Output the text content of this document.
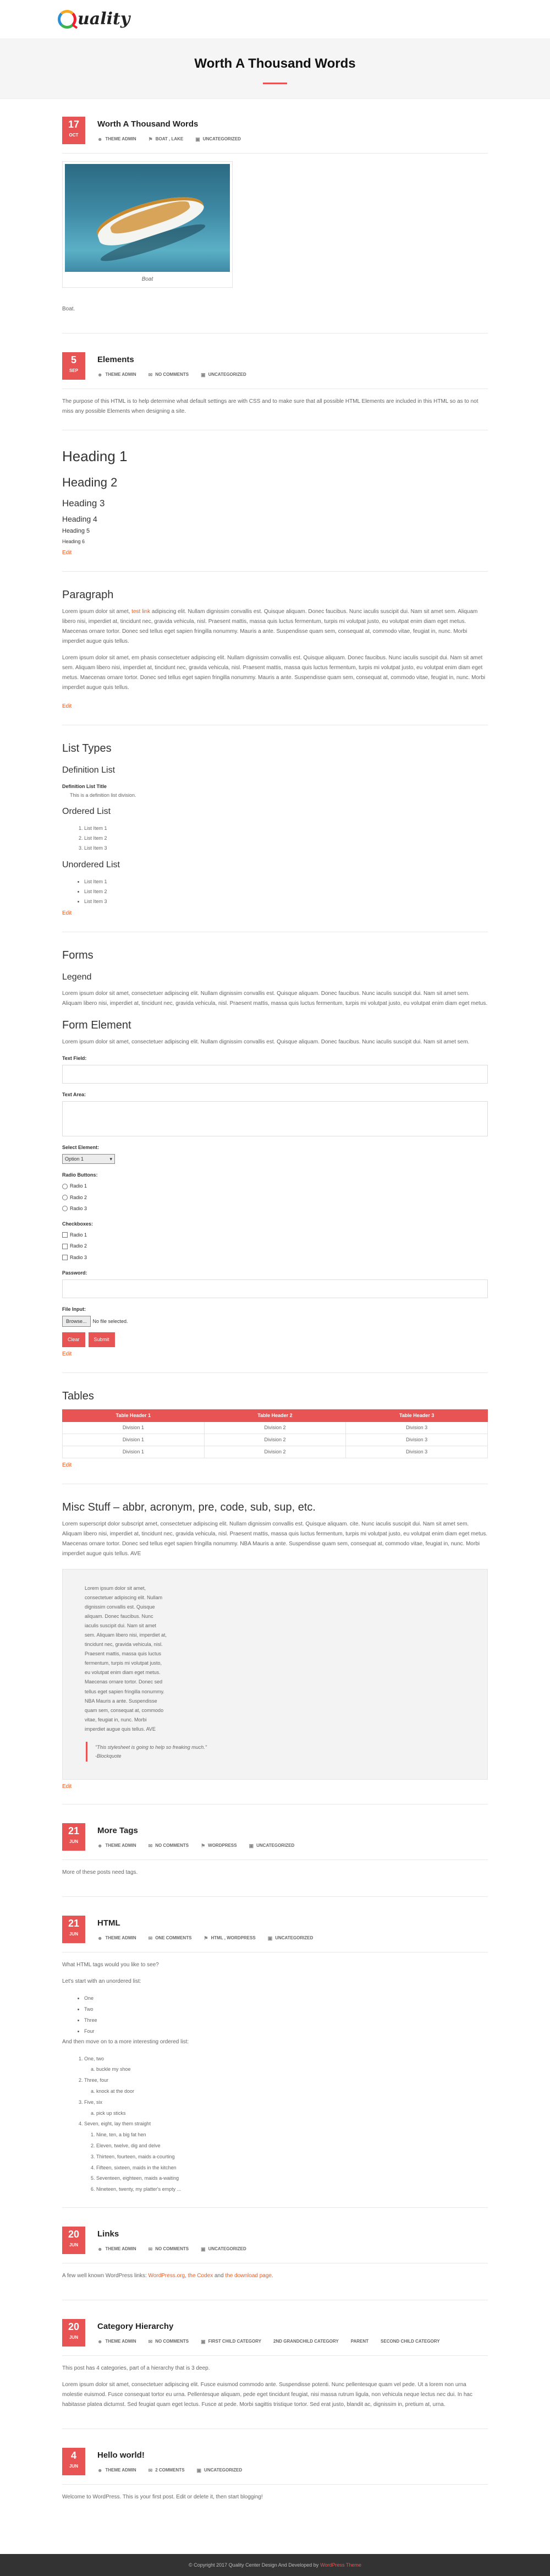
uality
Worth A Thousand Words
17
OCT
Worth A Thousand Words
☻ THEME ADMIN ⚑ BOAT , LAKE ▣ UNCATEGORIZED
Boat

Boat.

5
SEP
Elements
☻ THEME ADMIN ✉ NO COMMENTS ▣ UNCATEGORIZED

The purpose of this HTML is to help determine what default settings are with CSS and to make sure that all possible HTML Elements are included in this HTML so as to not miss any possible Elements when designing a site.

Heading 1
Heading 2
Heading 3
Heading 4
Heading 5
Heading 6
Edit
Paragraph

Lorem ipsum dolor sit amet, test link adipiscing elit. Nullam dignissim convallis est. Quisque aliquam. Donec faucibus. Nunc iaculis suscipit dui. Nam sit amet sem. Aliquam libero nisi, imperdiet at, tincidunt nec, gravida vehicula, nisl. Praesent mattis, massa quis luctus fermentum, turpis mi volutpat justo, eu volutpat enim diam eget metus. Maecenas ornare tortor. Donec sed tellus eget sapien fringilla nonummy. Mauris a ante. Suspendisse quam sem, consequat at, commodo vitae, feugiat in, nunc. Morbi imperdiet augue quis tellus.

Lorem ipsum dolor sit amet, em phasis consectetuer adipiscing elit. Nullam dignissim convallis est. Quisque aliquam. Donec faucibus. Nunc iaculis suscipit dui. Nam sit amet sem. Aliquam libero nisi, imperdiet at, tincidunt nec, gravida vehicula, nisl. Praesent mattis, massa quis luctus fermentum, turpis mi volutpat justo, eu volutpat enim diam eget metus. Maecenas ornare tortor. Donec sed tellus eget sapien fringilla nonummy. Mauris a ante. Suspendisse quam sem, consequat at, commodo vitae, feugiat in, nunc. Morbi imperdiet augue quis tellus.

Edit
List Types
Definition List
Definition List Title
This is a definition list division.
Ordered List
1. List Item 1
2. List Item 2
3. List Item 3
Unordered List
• List Item 1
• List Item 2
• List Item 3
Edit
Forms
Legend

Lorem ipsum dolor sit amet, consectetuer adipiscing elit. Nullam dignissim convallis est. Quisque aliquam. Donec faucibus. Nunc iaculis suscipit dui. Nam sit amet sem. Aliquam libero nisi, imperdiet at, tincidunt nec, gravida vehicula, nisl. Praesent mattis, massa quis luctus fermentum, turpis mi volutpat justo, eu volutpat enim diam eget metus.

Form Element

Lorem ipsum dolor sit amet, consectetuer adipiscing elit. Nullam dignissim convallis est. Quisque aliquam. Donec faucibus. Nunc iaculis suscipit dui. Nam sit amet sem.

Text Field:
Text Area:
Select Element:
Option 1	▾
Radio Buttons:
Radio 1
Radio 2
Radio 3
Checkboxes:
Radio 1
Radio 2
Radio 3
Password:
File Input:
Browse...	No file selected.
Clear	Submit
Edit
Tables
Table Header 1	Table Header 2	Table Header 3
Division 1	Division 2	Division 3
Division 1	Division 2	Division 3
Division 1	Division 2	Division 3
Edit
Misc Stuff – abbr, acronym, pre, code, sub, sup, etc.

Lorem superscript dolor subscript amet, consectetuer adipiscing elit. Nullam dignissim convallis est. Quisque aliquam. cite. Nunc iaculis suscipit dui. Nam sit amet sem. Aliquam libero nisi, imperdiet at, tincidunt nec, gravida vehicula, nisl. Praesent mattis, massa quis luctus fermentum, turpis mi volutpat justo, eu volutpat enim diam eget metus. Maecenas ornare tortor. Donec sed tellus eget sapien fringilla nonummy. NBA Mauris a ante. Suspendisse quam sem, consequat at, commodo vitae, feugiat in, nunc. Morbi imperdiet augue quis tellus. AVE

Lorem ipsum dolor sit amet, consectetuer adipiscing elit. Nullam dignissim convallis est. Quisque aliquam. Donec faucibus. Nunc iaculis suscipit dui. Nam sit amet sem. Aliquam libero nisi, imperdiet at, tincidunt nec, gravida vehicula, nisl. Praesent mattis, massa quis luctus fermentum, turpis mi volutpat justo, eu volutpat enim diam eget metus. Maecenas ornare tortor. Donec sed tellus eget sapien fringilla nonummy. NBA Mauris a ante. Suspendisse quam sem, consequat at, commodo vitae, feugiat in, nunc. Morbi imperdiet augue quis tellus. AVE
"This stylesheet is going to help so freaking much."
-Blockquote
Edit
21
JUN
More Tags
☻ THEME ADMIN ✉ NO COMMENTS ⚑ WORDPRESS ▣ UNCATEGORIZED

More of these posts need tags.

21
JUN
HTML
☻ THEME ADMIN ✉ ONE COMMENTS ⚑ HTML , WORDPRESS ▣ UNCATEGORIZED

What HTML tags would you like to see?

Let's start with an unordered list:

• One
• Two
• Three
• Four

And then move on to a more interesting ordered list:

1. One, two
a. buckle my shoe
2. Three, four
a. knock at the door
3. Five, six
a. pick up sticks
4. Seven, eight, lay them straight
1. Nine, ten, a big fat hen
2. Eleven, twelve, dig and delve
3. Thirteen, fourteen, maids a-courting
4. Fifteen, sixteen, maids in the kitchen
5. Seventeen, eighteen, maids a-waiting
6. Nineteen, twenty, my platter's empty ...
20
JUN
Links
☻ THEME ADMIN ✉ NO COMMENTS ▣ UNCATEGORIZED

A few well known WordPress links: WordPress.org, the Codex and the download page.

20
JUN
Category Hierarchy
☻ THEME ADMIN ✉ NO COMMENTS ▣ FIRST CHILD CATEGORY	2ND GRANDCHILD CATEGORY	PARENT	SECOND CHILD CATEGORY

This post has 4 categories, part of a hierarchy that is 3 deep.

Lorem ipsum dolor sit amet, consectetuer adipiscing elit. Fusce euismod commodo ante. Suspendisse potenti. Nunc pellentesque quam vel pede. Ut a lorem non urna molestie euismod. Fusce consequat tortor eu urna. Pellentesque aliquam, pede eget tincidunt feugiat, nisi massa rutrum ligula, non vehicula neque lectus nec dui. In hac habitasse platea dictumst. Sed feugiat quam eget lectus. Fusce at pede. Morbi sagittis tristique tortor. Sed erat justo, blandit ac, dignissim in, pretium at, urna.

4
JUN
Hello world!
☻ THEME ADMIN ✉ 2 COMMENTS ▣ UNCATEGORIZED

Welcome to WordPress. This is your first post. Edit or delete it, then start blogging!

© Copyright 2017 Quality Center Design And Developed by WordPress Theme
